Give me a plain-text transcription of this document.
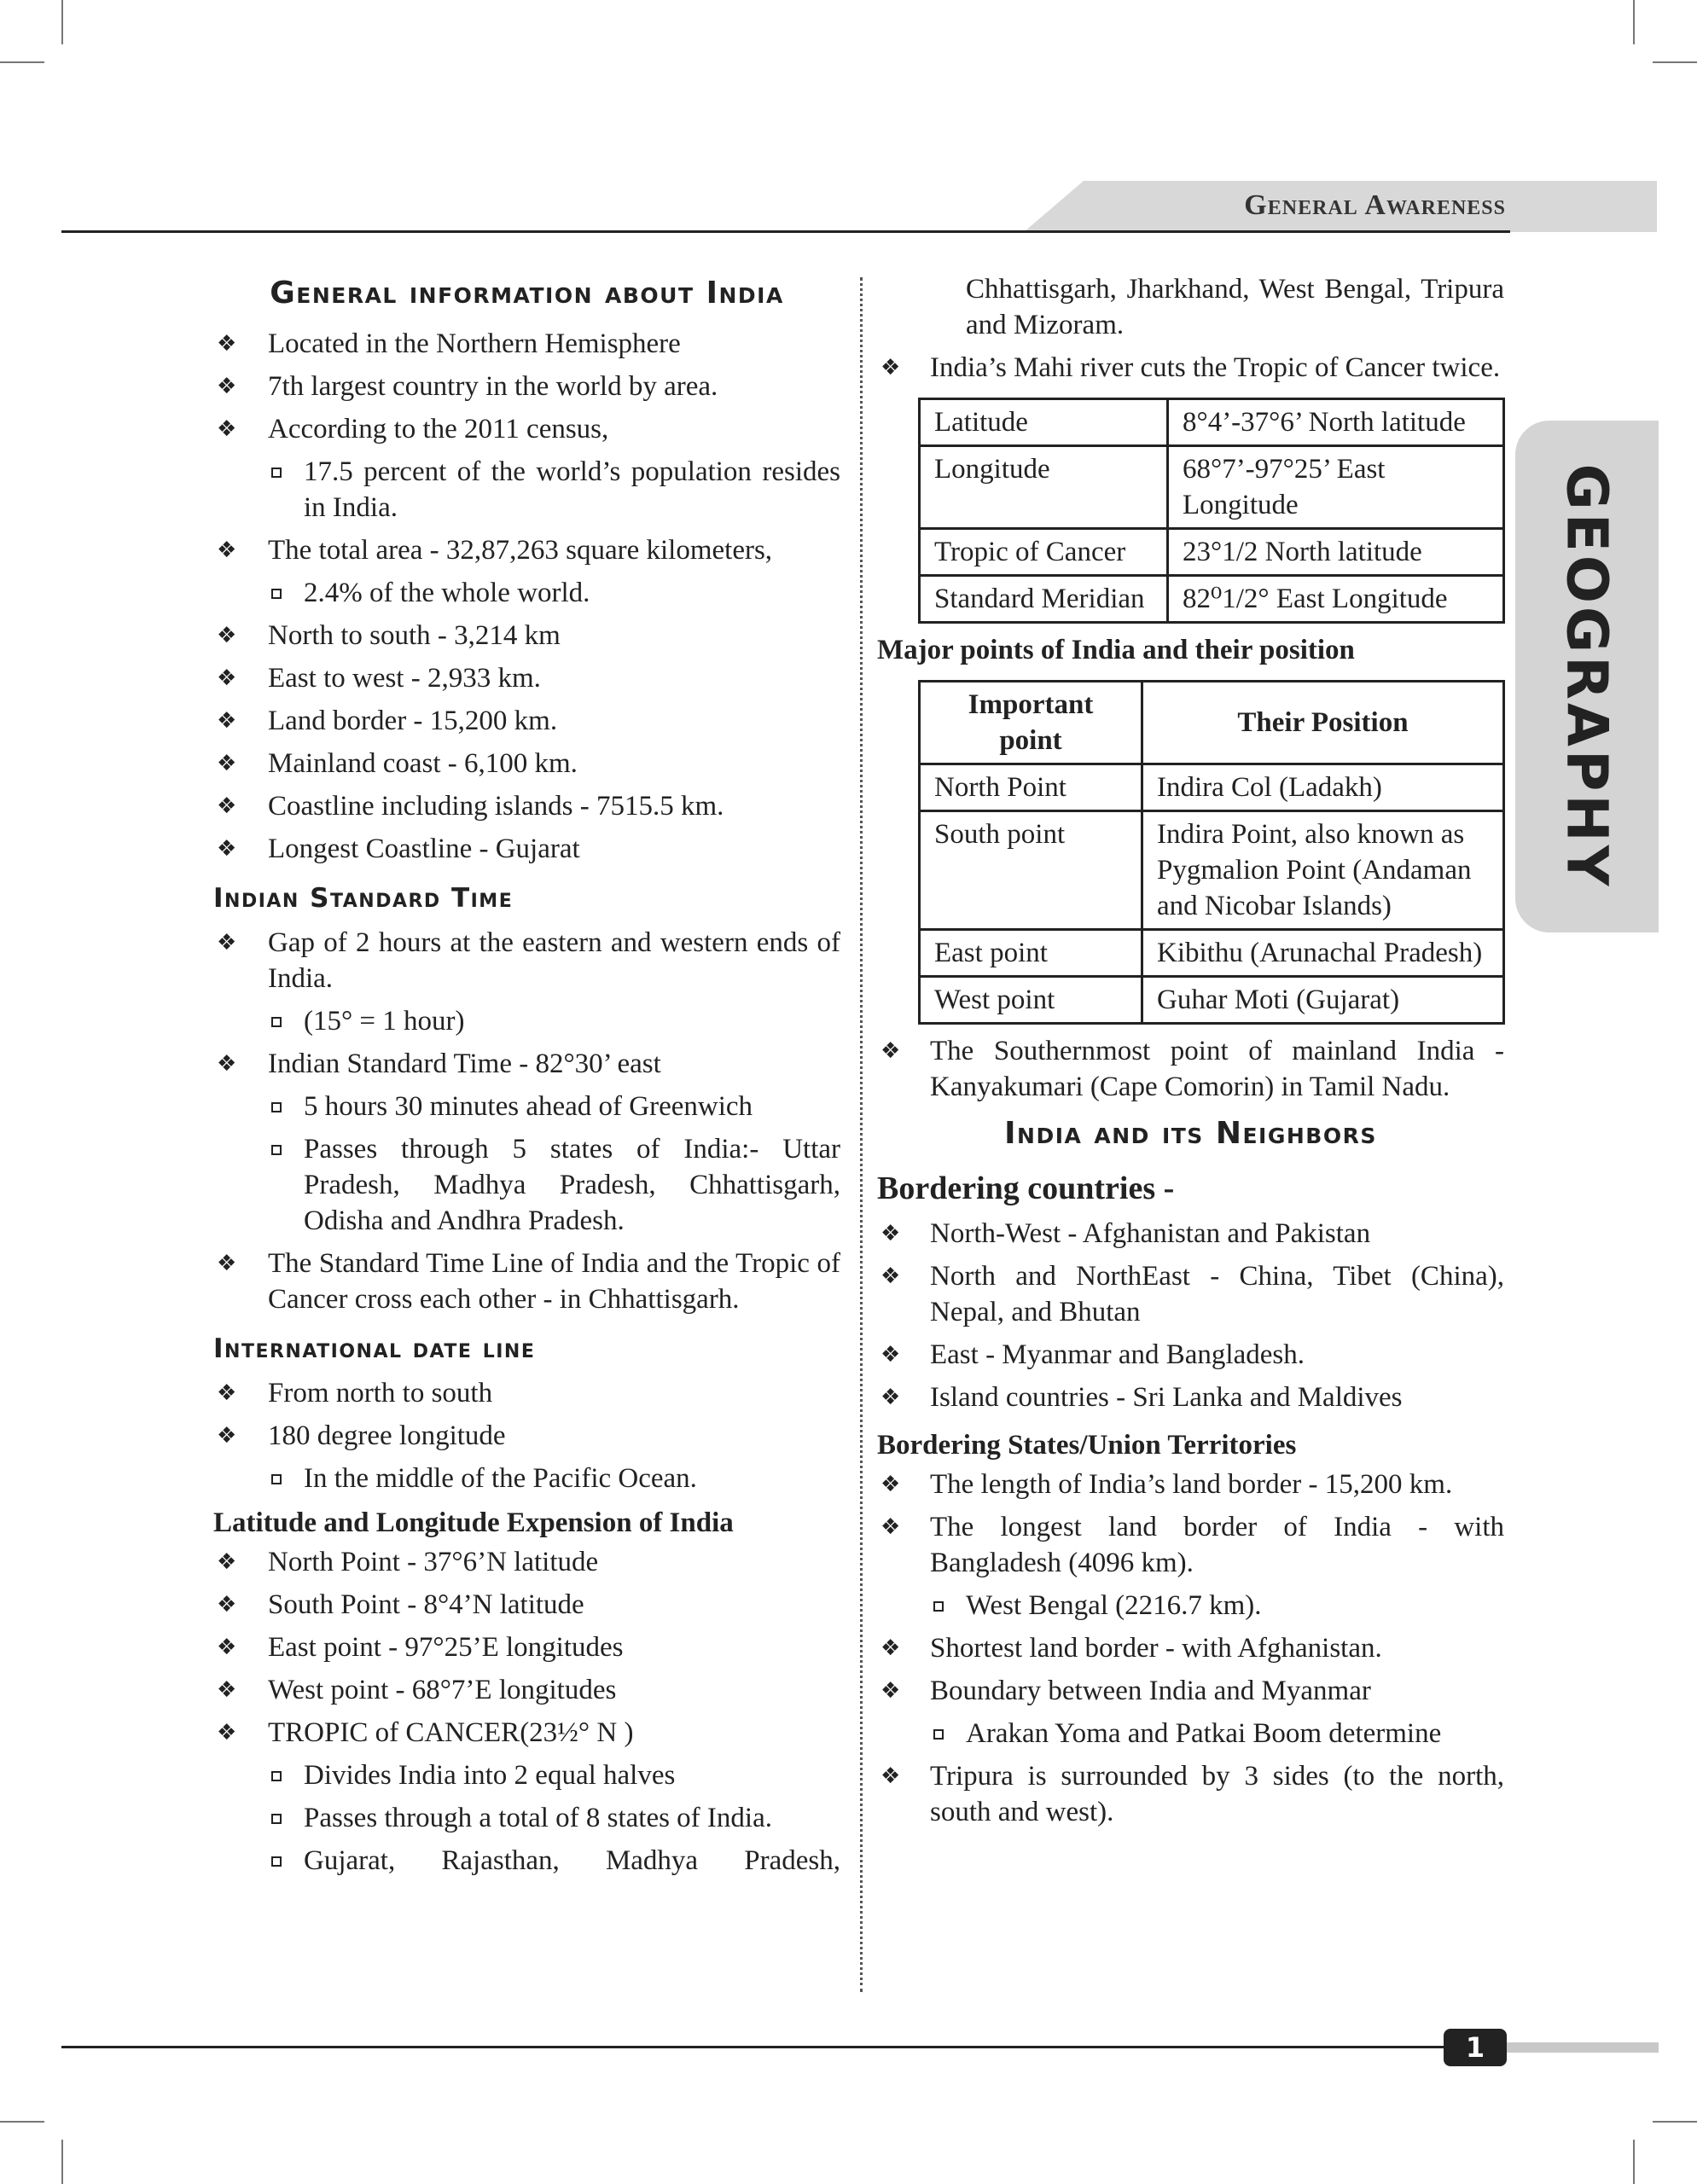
General Awareness
GEOGRAPHY
General information about India
❖ Located in the Northern Hemisphere
❖ 7th largest country in the world by area.
❖ According to the 2011 census,
17.5 percent of the world’s population resides in India.
❖ The total area - 32,87,263 square kilometers,
2.4% of the whole world.
❖ North to south - 3,214 km
❖ East to west - 2,933 km.
❖ Land border - 15,200 km.
❖ Mainland coast - 6,100 km.
❖ Coastline including islands - 7515.5 km.
❖ Longest Coastline - Gujarat
Indian Standard Time
❖ Gap of 2 hours at the eastern and western ends of India.
(15° = 1 hour)
❖ Indian Standard Time - 82°30’ east
5 hours 30 minutes ahead of Greenwich
Passes through 5 states of India:- Uttar Pradesh, Madhya Pradesh, Chhattisgarh, Odisha and Andhra Pradesh.
❖ The Standard Time Line of India and the Tropic of Cancer cross each other - in Chhattisgarh.
International date line
❖ From north to south
❖ 180 degree longitude
In the middle of the Pacific Ocean.
Latitude and Longitude Expension of India
❖ North Point - 37°6’N latitude
❖ South Point - 8°4’N latitude
❖ East point - 97°25’E longitudes
❖ West point - 68°7’E longitudes
❖ TROPIC of CANCER(23½° N )
Divides India into 2 equal halves
Passes through a total of 8 states of India.
Gujarat, Rajasthan, Madhya Pradesh,
Chhattisgarh, Jharkhand, West Bengal, Tripura and Mizoram.
❖ India’s Mahi river cuts the Tropic of Cancer twice.
Latitude	8°4’-37°6’ North latitude
Longitude	68°7’-97°25’ East Longitude
Tropic of Cancer	23°1/2 North latitude
Standard Meridian	82⁰1/2° East Longitude
Major points of India and their position
Important point	Their Position
North Point	Indira Col (Ladakh)
South point	Indira Point, also known as Pygmalion Point (Andaman and Nicobar Islands)
East point	Kibithu (Arunachal Pradesh)
West point	Guhar Moti (Gujarat)
❖ The Southernmost point of mainland India - Kanyakumari (Cape Comorin) in Tamil Nadu.
India and its Neighbors
Bordering countries -
❖ North-West - Afghanistan and Pakistan
❖ North and NorthEast - China, Tibet (China), Nepal, and Bhutan
❖ East - Myanmar and Bangladesh.
❖ Island countries - Sri Lanka and Maldives
Bordering States/Union Territories
❖ The length of India’s land border - 15,200 km.
❖ The longest land border of India - with Bangladesh (4096 km).
West Bengal (2216.7 km).
❖ Shortest land border - with Afghanistan.
❖ Boundary between India and Myanmar
Arakan Yoma and Patkai Boom determine
❖ Tripura is surrounded by 3 sides (to the north, south and west).
1
